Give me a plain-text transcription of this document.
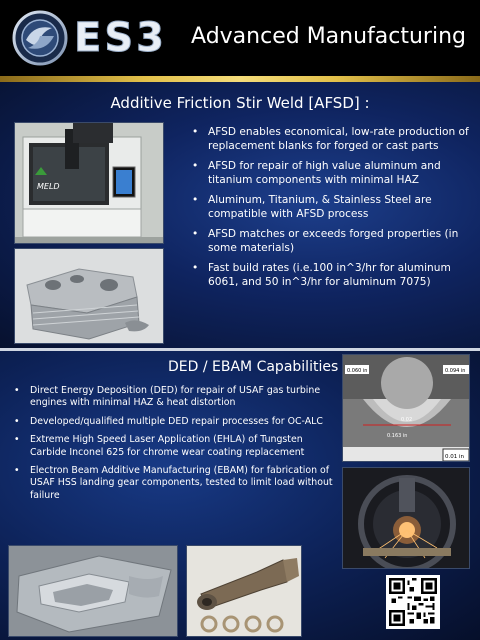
ES3 Advanced Manufacturing
Additive Friction Stir Weld [AFSD] :
MELD
• AFSD enables economical, low-rate production of replacement blanks for forged or cast parts
• AFSD for repair of high value aluminum and titanium components with minimal HAZ
• Aluminum, Titanium, & Stainless Steel are compatible with AFSD process
• AFSD matches or exceeds forged properties (in some materials)
• Fast build rates (i.e.100 in^3/hr for aluminum 6061, and 50 in^3/hr for aluminum 7075)
DED / EBAM Capabilities
• Direct Energy Deposition (DED) for repair of USAF gas turbine engines with minimal HAZ & heat distortion
• Developed/qualified multiple DED repair processes for OC-ALC
• Extreme High Speed Laser Application (EHLA) of Tungsten Carbide Inconel 625 for chrome wear coating replacement
• Electron Beam Additive Manufacturing (EBAM) for fabrication of USAF HSS landing gear components, tested to limit load without failure
0.060 in	0.094 in
0.02
0.163 in
0.01 in
